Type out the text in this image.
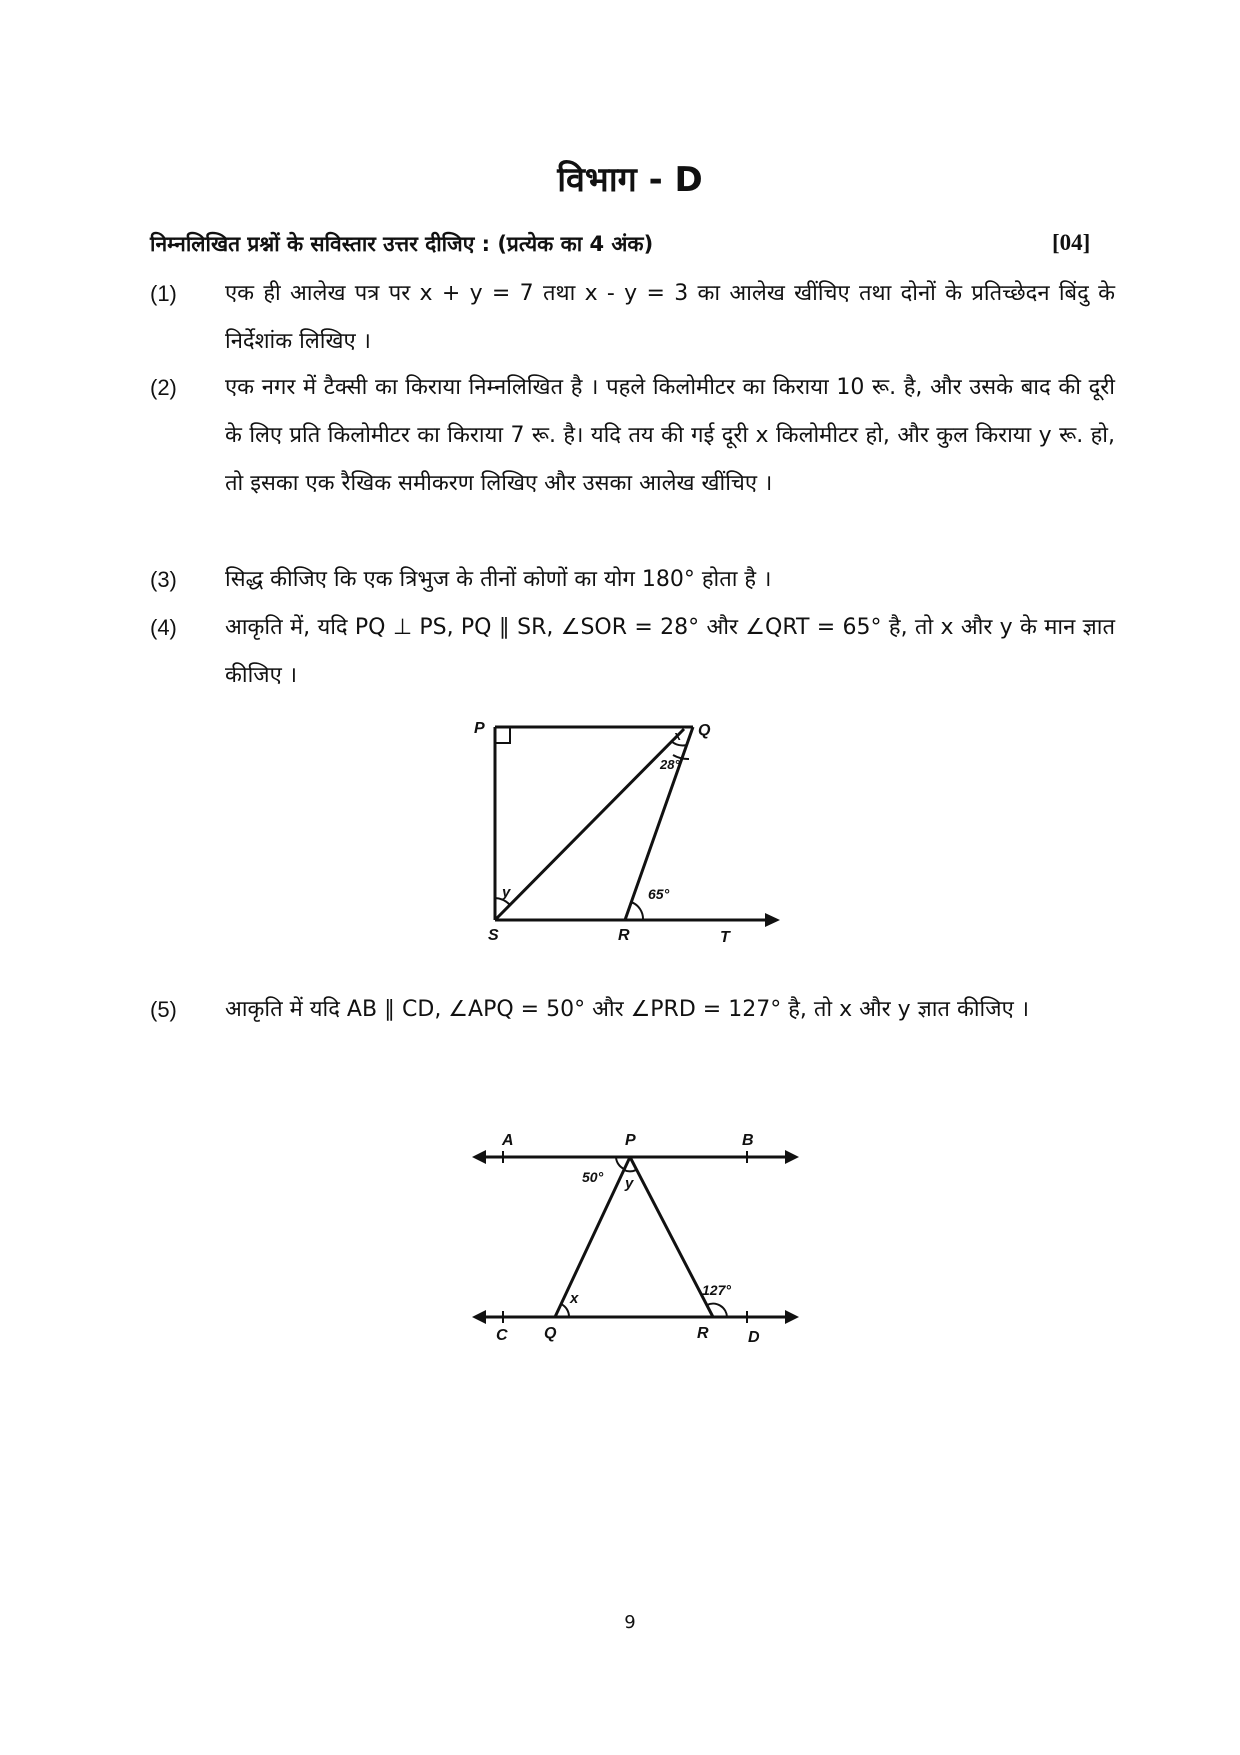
विभाग - D
निम्नलिखित प्रश्नों के सविस्तार उत्तर दीजिए : (प्रत्येक का 4 अंक)	[04]
(1) एक ही आलेख पत्र पर x + y = 7 तथा x - y = 3 का आलेख खींचिए तथा दोनों के प्रतिच्छेदन बिंदु के निर्देशांक लिखिए ।
(2) एक नगर में टैक्सी का किराया निम्नलिखित है । पहले किलोमीटर का किराया 10 रू. है, और उसके बाद की दूरी के लिए प्रति किलोमीटर का किराया 7 रू. है। यदि तय की गई दूरी x किलोमीटर हो, और कुल किराया y रू. हो, तो इसका एक रैखिक समीकरण लिखिए और उसका आलेख खींचिए ।
(3) सिद्ध कीजिए कि एक त्रिभुज के तीनों कोणों का योग 180° होता है ।
(4) आकृति में, यदि PQ ⊥ PS, PQ ∥ SR, ∠SOR = 28° और ∠QRT = 65° है, तो x और y के मान ज्ञात कीजिए ।
P	Q
S	R	T
x
y
28°
65°
(5) आकृति में यदि AB ∥ CD, ∠APQ = 50° और ∠PRD = 127° है, तो x और y ज्ञात कीजिए ।
A	P	B
C Q	R D
x
y
50°
127°
9
